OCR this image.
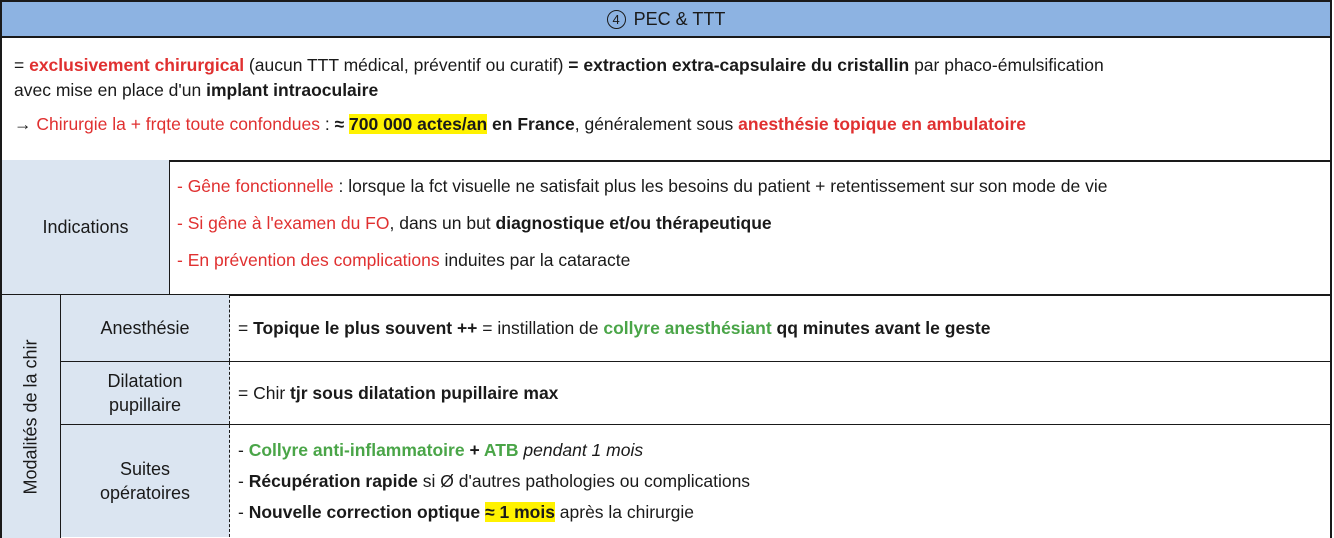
4 PEC & TTT

= exclusivement chirurgical (aucun TTT médical, préventif ou curatif) = extraction extra-capsulaire du cristallin par phaco-émulsification
avec mise en place d'un implant intraoculaire

→ Chirurgie la + frqte toute confondues : ≈ 700 000 actes/an en France, généralement sous anesthésie topique en ambulatoire

Indications
- Gêne fonctionnelle : lorsque la fct visuelle ne satisfait plus les besoins du patient + retentissement sur son mode de vie
- Si gêne à l'examen du FO, dans un but diagnostique et/ou thérapeutique
- En prévention des complications induites par la cataracte
Modalités de la chir
Anesthésie	= Topique le plus souvent ++ = instillation de collyre anesthésiant qq minutes avant le geste
Dilatation
pupillaire
= Chir tjr sous dilatation pupillaire max
Suites
opératoires
- Collyre anti-inflammatoire + ATB pendant 1 mois
- Récupération rapide si Ø d'autres pathologies ou complications
- Nouvelle correction optique ≈ 1 mois après la chirurgie
